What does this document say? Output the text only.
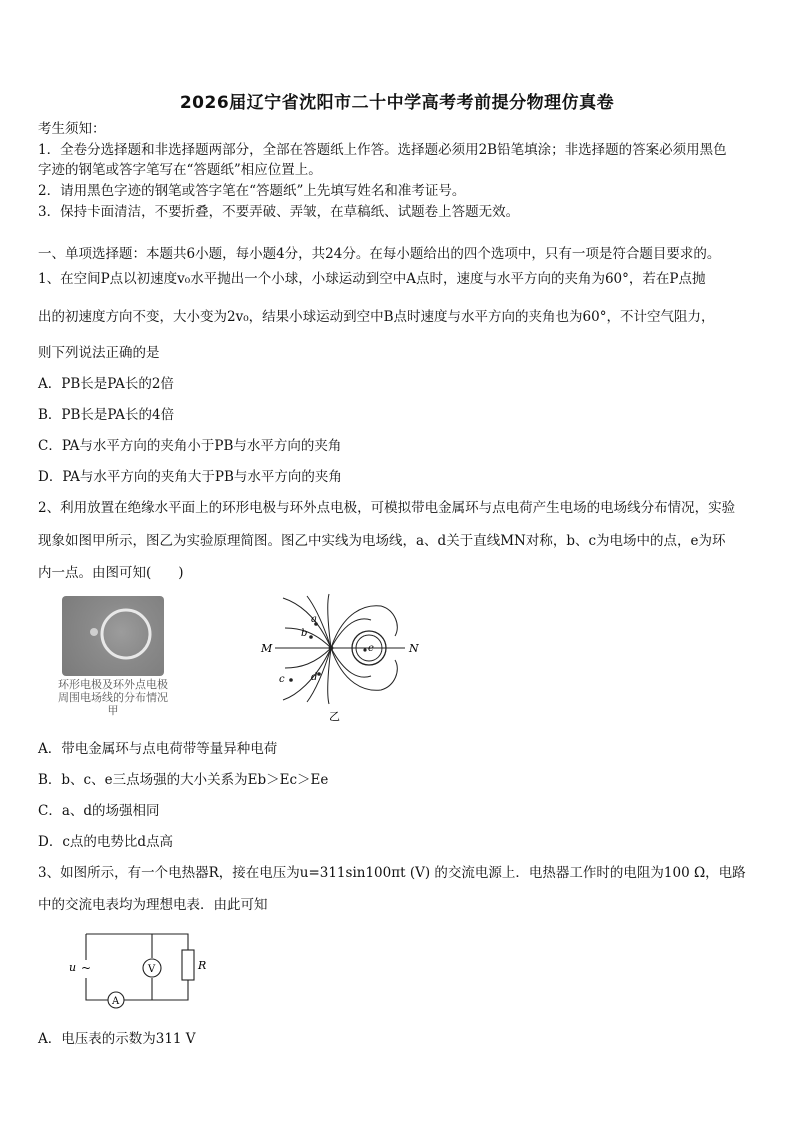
2026届辽宁省沈阳市二十中学高考考前提分物理仿真卷
考生须知：
1．全卷分选择题和非选择题两部分，全部在答题纸上作答。选择题必须用2B铅笔填涂；非选择题的答案必须用黑色
字迹的钢笔或答字笔写在“答题纸”相应位置上。
2．请用黑色字迹的钢笔或答字笔在“答题纸”上先填写姓名和准考证号。
3．保持卡面清洁，不要折叠，不要弄破、弄皱，在草稿纸、试题卷上答题无效。
一、单项选择题：本题共6小题，每小题4分，共24分。在每小题给出的四个选项中，只有一项是符合题目要求的。
1、在空间P点以初速度v₀水平抛出一个小球，小球运动到空中A点时，速度与水平方向的夹角为60°，若在P点抛
出的初速度方向不变，大小变为2v₀，结果小球运动到空中B点时速度与水平方向的夹角也为60°，不计空气阻力，
则下列说法正确的是
A．PB长是PA长的2倍
B．PB长是PA长的4倍
C．PA与水平方向的夹角小于PB与水平方向的夹角
D．PA与水平方向的夹角大于PB与水平方向的夹角
2、利用放置在绝缘水平面上的环形电极与环外点电极，可模拟带电金属环与点电荷产生电场的电场线分布情况，实验
现象如图甲所示，图乙为实验原理简图。图乙中实线为电场线，a、d关于直线MN对称，b、c为电场中的点，e为环
内一点。由图可知(　　)
环形电极及环外点电极
周围电场线的分布情况
甲
M	N
a
b
c	d
e
乙
A．带电金属环与点电荷带等量异种电荷
B．b、c、e三点场强的大小关系为Eb＞Ec＞Ee
C．a、d的场强相同
D．c点的电势比d点高
3、如图所示，有一个电热器R，接在电压为u=311sin100πt (V) 的交流电源上．电热器工作时的电阻为100 Ω，电路
中的交流电表均为理想电表．由此可知
u ~	V
A
R
A．电压表的示数为311 V
